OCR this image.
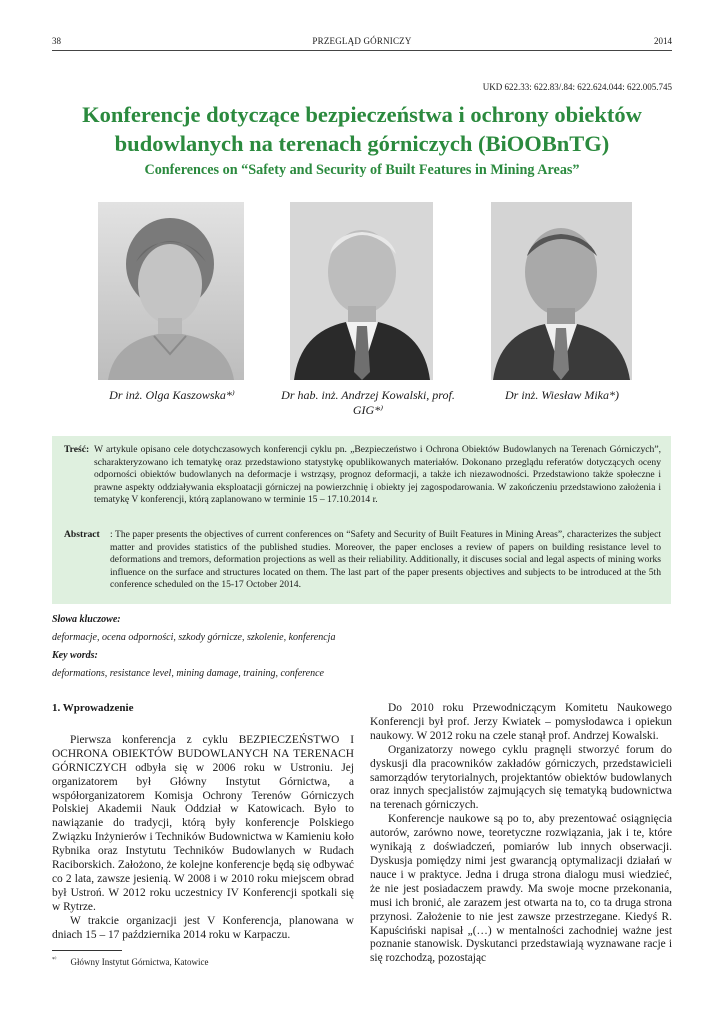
38	PRZEGLĄD GÓRNICZY	2014
UKD 622.33: 622.83/.84: 622.624.044: 622.005.745
Konferencje dotyczące bezpieczeństwa i ochrony obiektów budowlanych na terenach górniczych (BiOOBnTG)
Conferences on “Safety and Security of Built Features in Mining Areas”
Dr inż. Olga Kaszowska*⁾	Dr hab. inż. Andrzej Kowalski, prof. GIG*⁾
Dr inż. Wiesław Mika*)
Treść: W artykule opisano cele dotychczasowych konferencji cyklu pn. „Bezpieczeństwo i Ochrona Obiektów Budowlanych na Terenach Górniczych”, scharakteryzowano ich tematykę oraz przedstawiono statystykę opublikowanych materiałów. Dokonano przeglądu referatów dotyczących oceny odporności obiektów budowlanych na deformacje i wstrząsy, prognoz deformacji, a także ich niezawodności. Przedstawiono także społeczne i prawne aspekty oddziaływania eksploatacji górniczej na powierzchnię i obiekty jej zagospodarowania. W zakończeniu przedstawiono założenia i tematykę V konferencji, którą zaplanowano w terminie 15 – 17.10.2014 r.
Abstract : The paper presents the objectives of current conferences on “Safety and Security of Built Features in Mining Areas”, characterizes the subject matter and provides statistics of the published studies. Moreover, the paper encloses a review of papers on building resistance level to deformations and tremors, deformation projections as well as their reliability. Additionally, it discuses social and legal aspects of mining works influence on the surface and structures located on them. The last part of the paper presents objectives and subjects to be introduced at the 5th conference scheduled on the 15-17 October 2014.
Słowa kluczowe:
deformacje, ocena odporności, szkody górnicze, szkolenie, konferencja
Key words:
deformations, resistance level, mining damage, training, conference

1. Wprowadzenie

Pierwsza konferencja z cyklu BEZPIECZEŃSTWO I OCHRONA OBIEKTÓW BUDOWLANYCH NA TERENACH GÓRNICZYCH odbyła się w 2006 roku w Ustroniu. Jej organizatorem był Główny Instytut Górnictwa, a współorganizatorem Komisja Ochrony Terenów Górniczych Polskiej Akademii Nauk Oddział w Katowicach. Było to nawiązanie do tradycji, którą były konferencje Polskiego Związku Inżynierów i Techników Budownictwa w Kamieniu koło Rybnika oraz Instytutu Techników Budowlanych w Rudach Raciborskich. Założono, że kolejne konferencje będą się odbywać co 2 lata, zawsze jesienią. W 2008 i w 2010 roku miejscem obrad był Ustroń. W 2012 roku uczestnicy IV Konferencji spotkali się w Rytrze.

W trakcie organizacji jest V Konferencja, planowana w dniach 15 – 17 października 2014 roku w Karpaczu.

Do 2010 roku Przewodniczącym Komitetu Naukowego Konferencji był prof. Jerzy Kwiatek – pomysłodawca i opiekun naukowy. W 2012 roku na czele stanął prof. Andrzej Kowalski.

Organizatorzy nowego cyklu pragnęli stworzyć forum do dyskusji dla pracowników zakładów górniczych, przedstawicieli samorządów terytorialnych, projektantów obiektów budowlanych oraz innych specjalistów zajmujących się tematyką budownictwa na terenach górniczych.

Konferencje naukowe są po to, aby prezentować osiągnięcia autorów, zarówno nowe, teoretyczne rozwiązania, jak i te, które wynikają z doświadczeń, pomiarów lub innych obserwacji. Dyskusja pomiędzy nimi jest gwarancją optymalizacji działań w nauce i w praktyce. Jedna i druga strona dialogu musi wiedzieć, że nie jest posiadaczem prawdy. Ma swoje mocne przekonania, musi ich bronić, ale zarazem jest otwarta na to, co ta druga strona przynosi. Założenie to nie jest zawsze przestrzegane. Kiedyś R. Kapuściński napisał „(…) w mentalności zachodniej ważne jest poznanie stanowisk. Dyskutanci przedstawiają wyznawane racje i się rozchodzą, pozostając

*⁾ Główny Instytut Górnictwa, Katowice
